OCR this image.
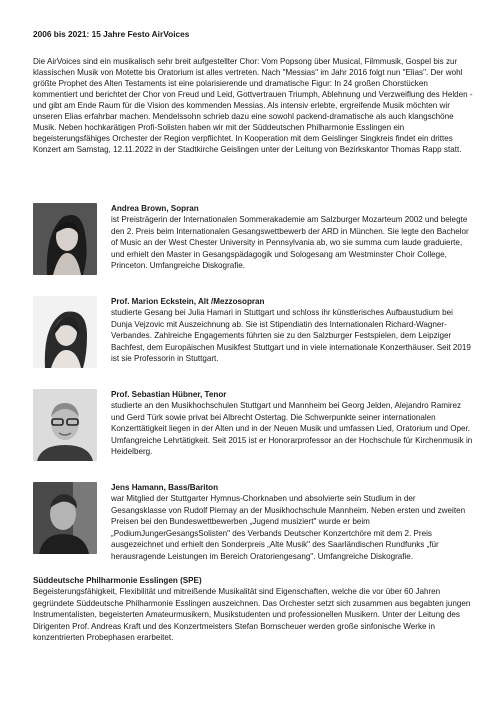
2006 bis 2021: 15 Jahre Festo AirVoices

Die AirVoices sind ein musikalisch sehr breit aufgestellter Chor: Vom Popsong über Musical, Filmmusik, Gospel bis zur klassischen Musik von Motette bis Oratorium ist alles vertreten. Nach "Messias" im Jahr 2016 folgt nun "Elias". Der wohl größte Prophet des Alten Testaments ist eine polarisierende und dramatische Figur: In 24 großen Chorstücken kommentiert und berichtet der Chor von Freud und Leid, Gottvertrauen Triumph, Ablehnung und Verzweiflung des Helden - und gibt am Ende Raum für die Vision des kommenden Messias. Als intensiv erlebte, ergreifende Musik möchten wir unseren Elias erfahrbar machen. Mendelssohn schrieb dazu eine sowohl packend-dramatische als auch klangschöne Musik. Neben hochkarätigen Profi-Solisten haben wir mit der Süddeutschen Philharmonie Esslingen ein begeisterungsfähiges Orchester der Region verpflichtet. In Kooperation mit dem Geislinger Singkreis findet ein drittes Konzert am Samstag, 12.11.2022 in der Stadtkirche Geislingen unter der Leitung von Bezirkskantor Thomas Rapp statt.

Andrea Brown, Sopran
ist Preisträgerin der Internationalen Sommerakademie am Salzburger Mozarteum 2002 und belegte den 2. Preis beim Internationalen Gesangswettbewerb der ARD in München. Sie legte den Bachelor of Music an der West Chester University in Pennsylvania ab, wo sie summa cum laude graduierte, und erhielt den Master in Gesangspädagogik und Sologesang am Westminster Choir College, Princeton. Umfangreiche Diskografie.
Prof. Marion Eckstein, Alt /Mezzosopran
studierte Gesang bei Julia Hamari in Stuttgart und schloss ihr künstlerisches Aufbaustudium bei Dunja Vejzovic mit Auszeichnung ab. Sie ist Stipendiatin des Internationalen Richard-Wagner-Verbandes. Zahlreiche Engagements führten sie zu den Salzburger Festspielen, dem Leipziger Bachfest, dem Europäischen Musikfest Stuttgart und in viele internationale Konzerthäuser. Seit 2019 ist sie Professorin in Stuttgart.
Prof. Sebastian Hübner, Tenor
studierte an den Musikhochschulen Stuttgart und Mannheim bei Georg Jelden, Alejandro Ramirez und Gerd Türk sowie privat bei Albrecht Ostertag. Die Schwerpunkte seiner internationalen Konzerttätigkeit liegen in der Alten und in der Neuen Musik und umfassen Lied, Oratorium und Oper. Umfangreiche Lehrtätigkeit. Seit 2015 ist er Honorarprofessor an der Hochschule für Kirchenmusik in Heidelberg.
Jens Hamann, Bass/Bariton
war Mitglied der Stuttgarter Hymnus-Chorknaben und absolvierte sein Studium in der Gesangsklasse von Rudolf Piernay an der Musikhochschule Mannheim. Neben ersten und zweiten Preisen bei den Bundeswettbewerben „Jugend musiziert" wurde er beim „PodiumJungerGesangsSolisten" des Verbands Deutscher Konzertchöre mit dem 2. Preis ausgezeichnet und erhielt den Sonderpreis „Alte Musik" des Saarländischen Rundfunks „für herausragende Leistungen im Bereich Oratoriengesang". Umfangreiche Diskografie.
Süddeutsche Philharmonie Esslingen (SPE)
Begeisterungsfähigkeit, Flexibilität und mitreißende Musikalität sind Eigenschaften, welche die vor über 60 Jahren gegründete Süddeutsche Philharmonie Esslingen auszeichnen. Das Orchester setzt sich zusammen aus begabten jungen Instrumentalisten, begeisterten Amateurmusikern, Musikstudenten und professionellen Musikern. Unter der Leitung des Dirigenten Prof. Andreas Kraft und des Konzertmeisters Stefan Bornscheuer werden große sinfonische Werke in konzentrierten Probephasen erarbeitet.
